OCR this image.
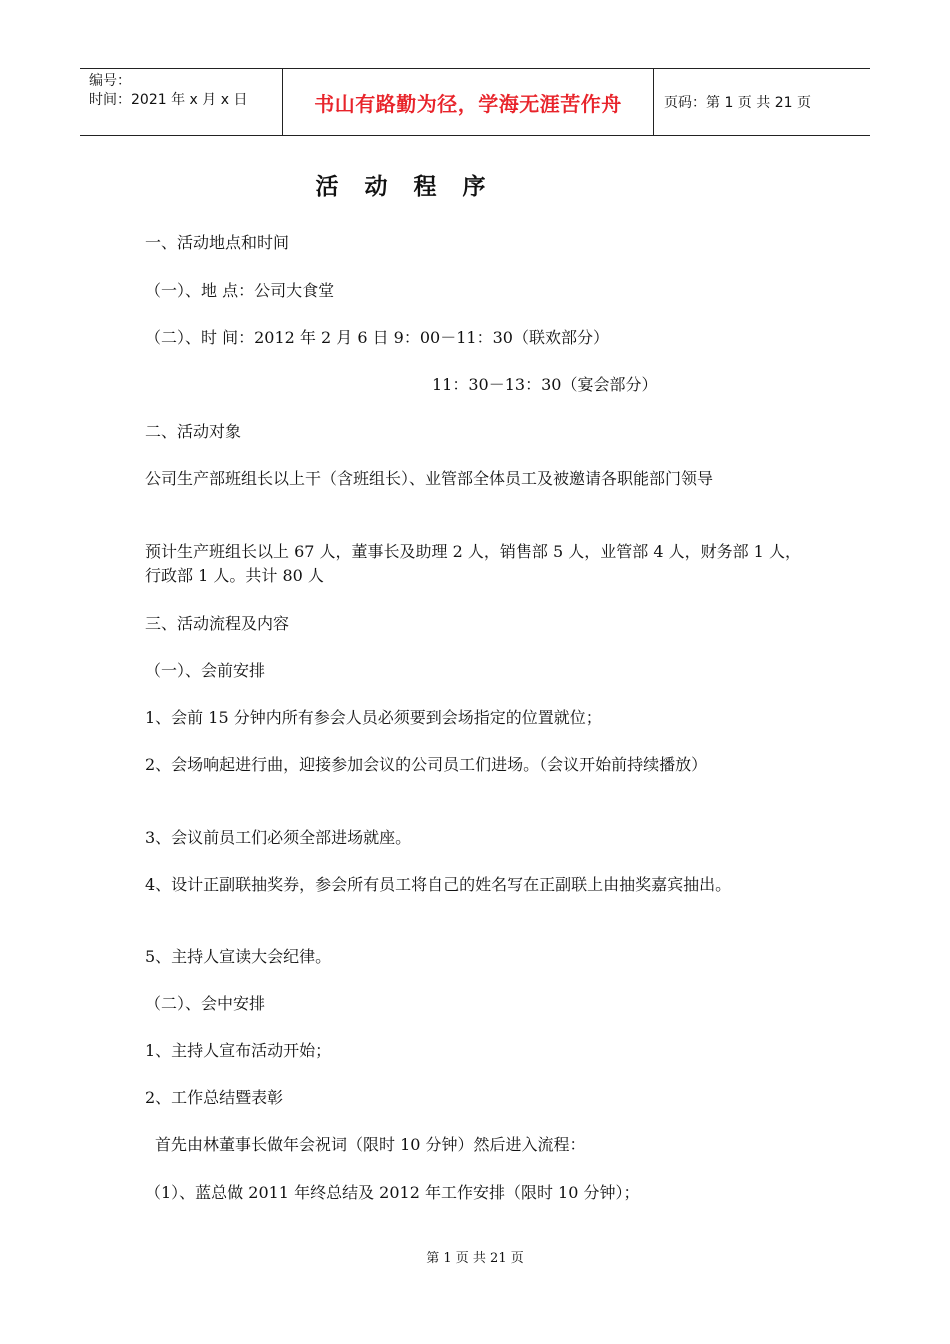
编号：
时间：2021 年 x 月 x 日	书山有路勤为径，学海无涯苦作舟	页码：第 1 页 共 21 页
活 动 程 序
一、活动地点和时间
（一）、地 点：公司大食堂
（二）、时 间：2012 年 2 月 6 日 9：00－11：30（联欢部分）
11：30－13：30（宴会部分）
二、活动对象
公司生产部班组长以上干（含班组长）、业管部全体员工及被邀请各职能部门领导
预计生产班组长以上 67 人，董事长及助理 2 人，销售部 5 人，业管部 4 人，财务部 1 人，行政部 1 人。共计 80 人
三、活动流程及内容
（一）、会前安排
1、会前 15 分钟内所有参会人员必须要到会场指定的位置就位；
2、会场响起进行曲，迎接参加会议的公司员工们进场。（会议开始前持续播放）
3、会议前员工们必须全部进场就座。
4、设计正副联抽奖券，参会所有员工将自己的姓名写在正副联上由抽奖嘉宾抽出。
5、主持人宣读大会纪律。
（二）、会中安排
1、主持人宣布活动开始；
2、工作总结暨表彰
首先由林董事长做年会祝词（限时 10 分钟）然后进入流程：
（1）、蓝总做 2011 年终总结及 2012 年工作安排（限时 10 分钟）；
第 1 页 共 21 页
